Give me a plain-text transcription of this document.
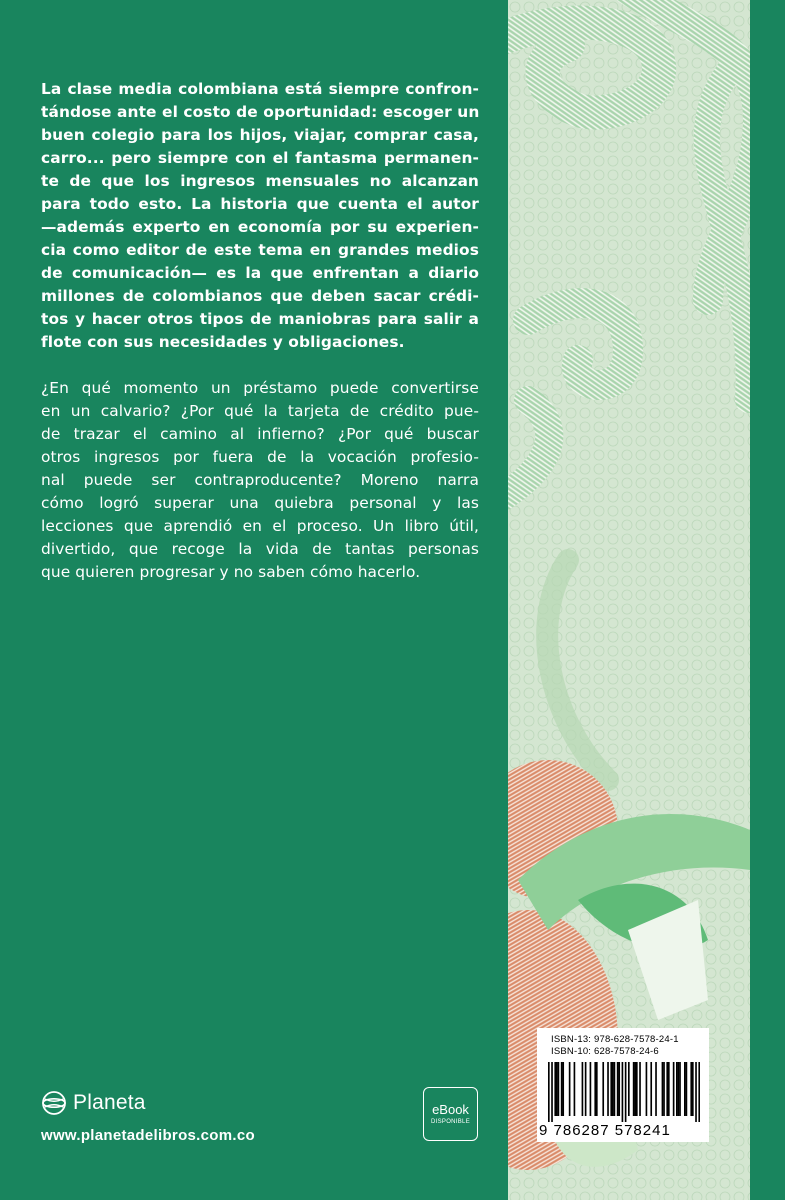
La clase media colombiana está siempre confron-
tándose ante el costo de oportunidad: escoger un
buen colegio para los hijos, viajar, comprar casa,
carro... pero siempre con el fantasma permanen-
te de que los ingresos mensuales no alcanzan
para todo esto. La historia que cuenta el autor
—además experto en economía por su experien-
cia como editor de este tema en grandes medios
de comunicación— es la que enfrentan a diario
millones de colombianos que deben sacar crédi-
tos y hacer otros tipos de maniobras para salir a
flote con sus necesidades y obligaciones.

¿En qué momento un préstamo puede convertirse
en un calvario? ¿Por qué la tarjeta de crédito pue-
de trazar el camino al infierno? ¿Por qué buscar
otros ingresos por fuera de la vocación profesio-
nal puede ser contraproducente? Moreno narra
cómo logró superar una quiebra personal y las
lecciones que aprendió en el proceso. Un libro útil,
divertido, que recoge la vida de tantas personas
que quieren progresar y no saben cómo hacerlo.

Planeta
www.planetadelibros.com.co
eBook
DISPONIBLE
ISBN-13: 978-628-7578-24-1
ISBN-10: 628-7578-24-6
9 786287 578241
